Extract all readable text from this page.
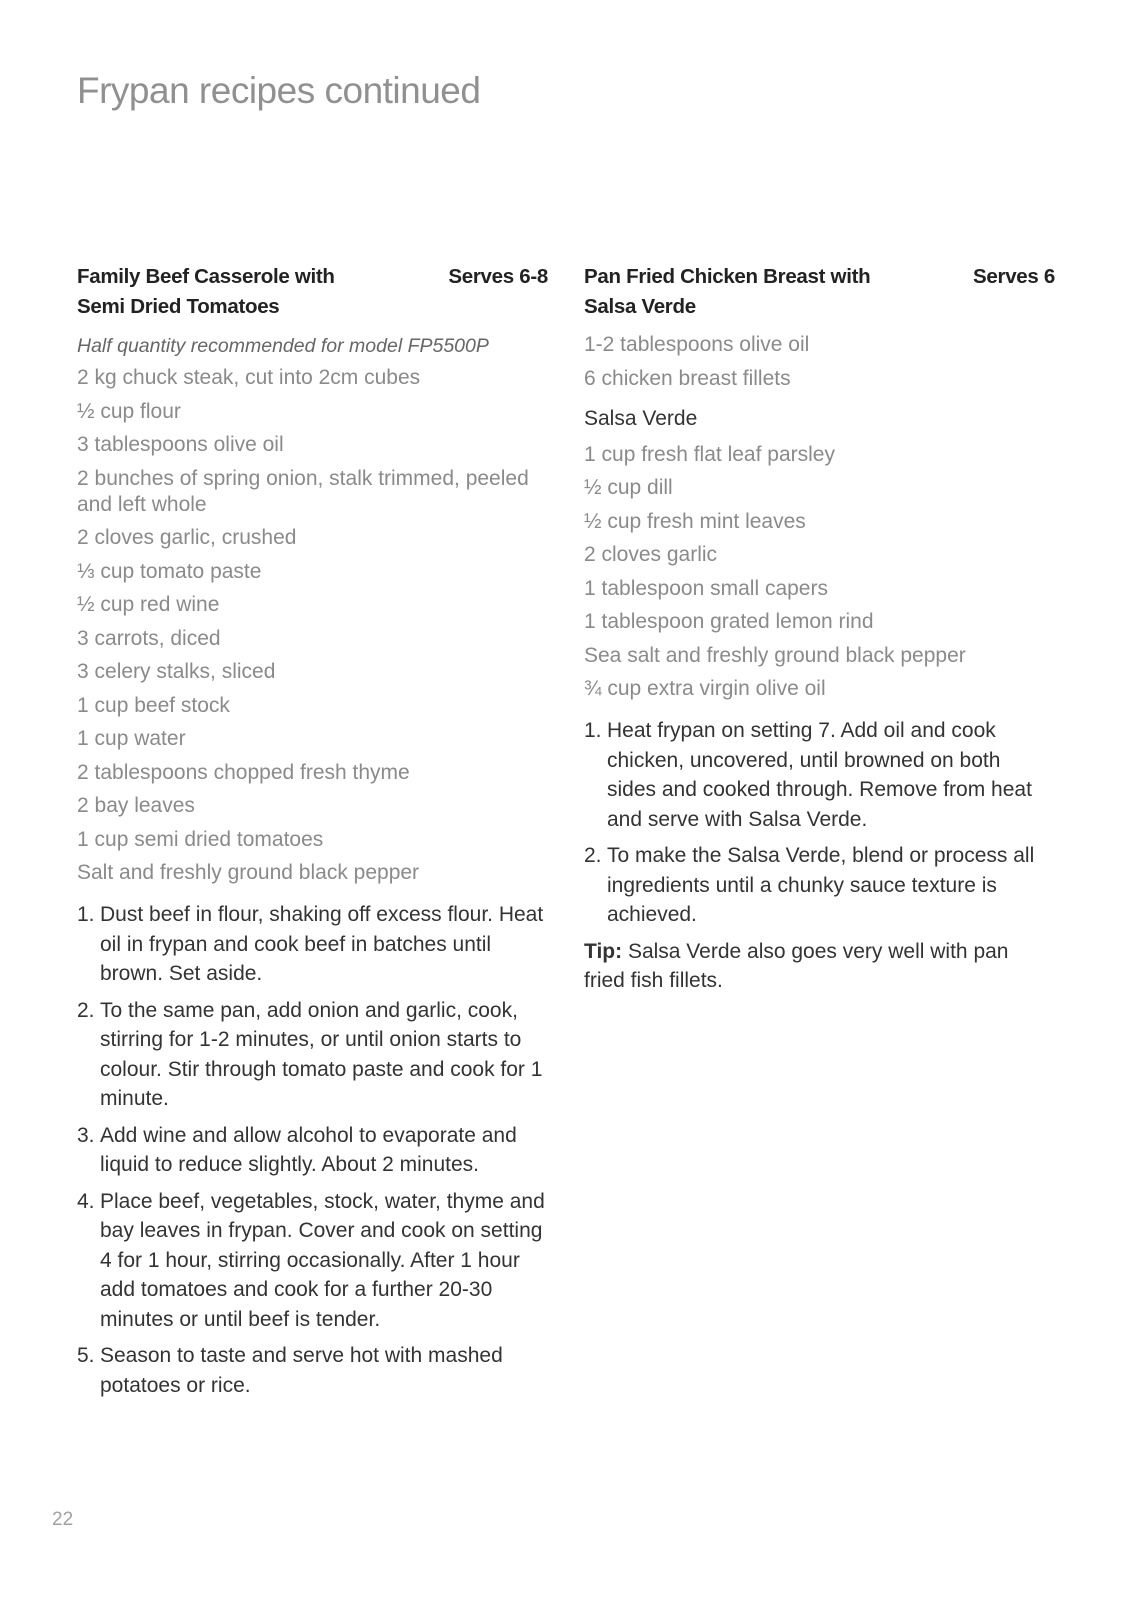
Frypan recipes continued
Family Beef Casserole with
Semi Dried Tomatoes
Serves 6-8
Half quantity recommended for model FP5500P
2 kg chuck steak, cut into 2cm cubes
½ cup flour
3 tablespoons olive oil
2 bunches of spring onion, stalk trimmed, peeled and left whole
2 cloves garlic, crushed
⅓ cup tomato paste
½ cup red wine
3 carrots, diced
3 celery stalks, sliced
1 cup beef stock
1 cup water
2 tablespoons chopped fresh thyme
2 bay leaves
1 cup semi dried tomatoes
Salt and freshly ground black pepper
1. Dust beef in flour, shaking off excess flour. Heat oil in frypan and cook beef in batches until brown. Set aside.
2. To the same pan, add onion and garlic, cook, stirring for 1-2 minutes, or until onion starts to colour. Stir through tomato paste and cook for 1 minute.
3. Add wine and allow alcohol to evaporate and liquid to reduce slightly. About 2 minutes.
4. Place beef, vegetables, stock, water, thyme and bay leaves in frypan. Cover and cook on setting 4 for 1 hour, stirring occasionally. After 1 hour add tomatoes and cook for a further 20-30 minutes or until beef is tender.
5. Season to taste and serve hot with mashed potatoes or rice.
Pan Fried Chicken Breast with
Salsa Verde
Serves 6
1-2 tablespoons olive oil
6 chicken breast fillets
Salsa Verde
1 cup fresh flat leaf parsley
½ cup dill
½ cup fresh mint leaves
2 cloves garlic
1 tablespoon small capers
1 tablespoon grated lemon rind
Sea salt and freshly ground black pepper
¾ cup extra virgin olive oil
1. Heat frypan on setting 7. Add oil and cook chicken, uncovered, until browned on both sides and cooked through. Remove from heat and serve with Salsa Verde.
2. To make the Salsa Verde, blend or process all ingredients until a chunky sauce texture is achieved.
Tip: Salsa Verde also goes very well with pan fried fish fillets.
22
